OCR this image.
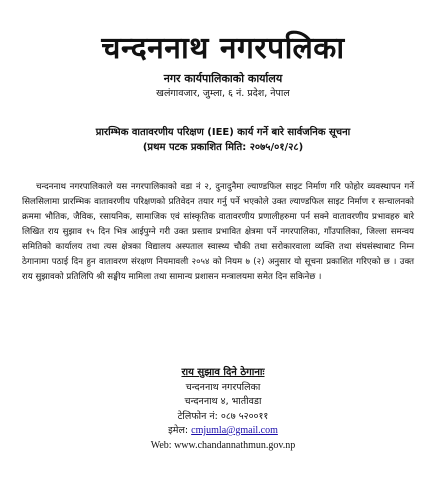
चन्दननाथ नगरपलिका
नगर कार्यपालिकाको कार्यालय
खलंगावजार, जुम्ला, ६ नं. प्रदेश, नेपाल
प्रारम्भिक वातावरणीय परिक्षण (IEE) कार्य गर्ने बारे सार्वजनिक सूचना
(प्रथम पटक प्रकाशित मिति: २०७५/०१/२८)

चन्दननाथ नगरपालिकाले यस नगरपालिकाको वडा नं २, दुनादुनैमा ल्याण्डफिल साइट निर्माण गरि फोहोर व्यवस्थापन गर्ने सिलसिलामा प्रारम्भिक वातावरणीय परिक्षणको प्रतिवेदन तयार गर्नु पर्ने भएकोले उक्त ल्याण्डफिल साइट निर्माण र सन्चालनको क्रममा भौतिक, जैविक, रसायनिक, सामाजिक एवं सांस्कृतिक वातावरणीय प्रणालीहरुमा पर्न सक्ने वातावरणीय प्रभावहरु बारे लिखित राय सुझाव १५ दिन भित्र आईपुग्ने गरी उक्त प्रस्ताव प्रभावित क्षेत्रमा पर्ने नगरपालिका, गाँउपालिका, जिल्ला समन्वय समितिको कार्यालय तथा त्यस क्षेत्रका विद्यालय अस्पताल स्वास्थ्य चौकी तथा सरोकारवाला व्यक्ति तथा संघसंस्थाबाट निम्न ठेगानामा पठाई दिन हुन वातावरण संरक्षण नियमावली २०५४ को नियम ७ (२) अनुसार यो सूचना प्रकाशित गरिएको छ । उक्त राय सुझावको प्रतिलिपि श्री सङ्घीय मामिला तथा सामान्य प्रशासन मन्त्रालयमा समेत दिन सकिनेछ ।

राय सुझाव दिने ठेगानाः
चन्दननाथ नगरपलिका
चन्दननाथ ४, भातीवडा
टेलिफोन नं: ०८७ ५२००११
इमेल: cmjumla@gmail.com
Web: www.chandannathmun.gov.np
